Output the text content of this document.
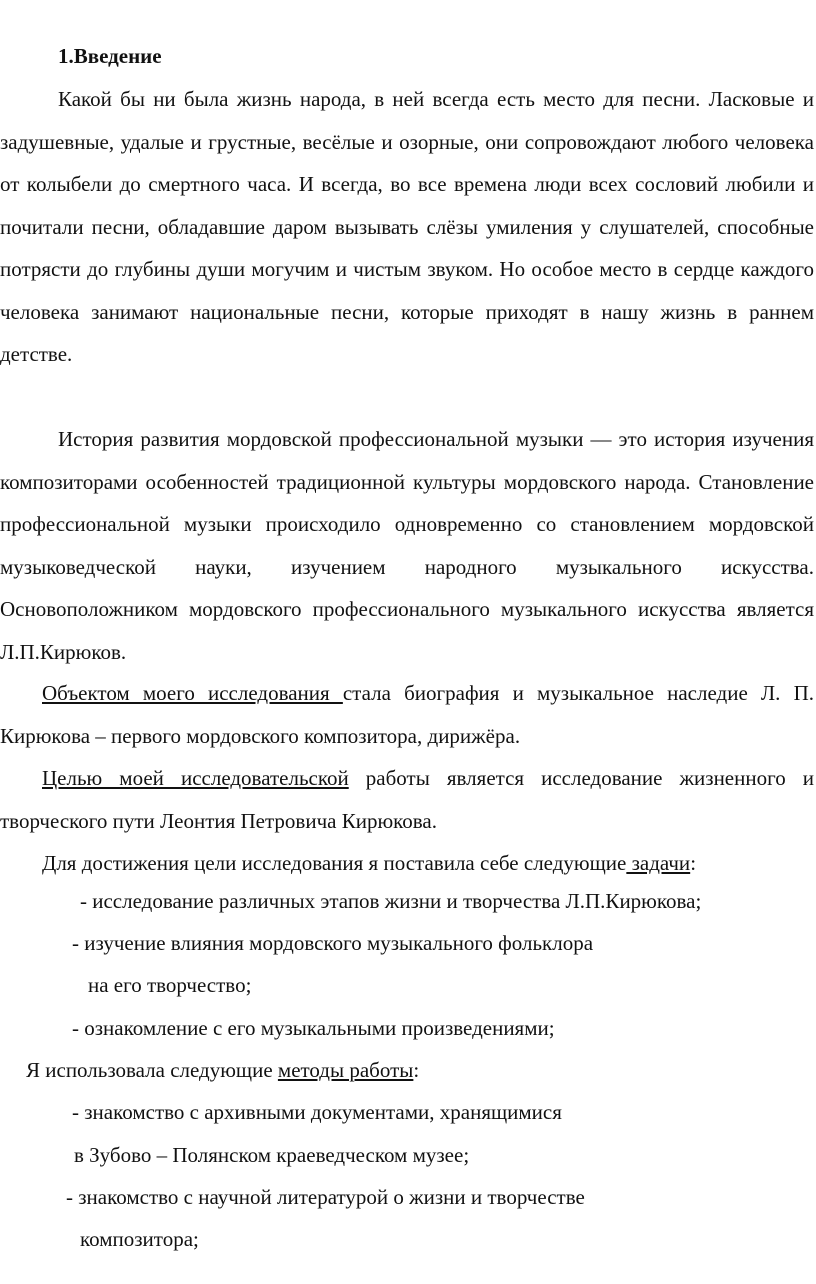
1.Введение

Какой бы ни была жизнь народа, в ней всегда есть место для песни. Ласковые и задушевные, удалые и грустные, весёлые и озорные, они сопровождают любого человека от колыбели до смертного часа. И всегда, во все времена люди всех сословий любили и почитали песни, обладавшие даром вызывать слёзы умиления у слушателей, способные потрясти до глубины души могучим и чистым звуком. Но особое место в сердце каждого человека занимают национальные песни, которые приходят в нашу жизнь в раннем детстве.

История развития мордовской профессиональной музыки — это история изучения композиторами особенностей традиционной культуры мордовского народа. Становление профессиональной музыки происходило одновременно со становлением мордовской музыковедческой науки, изучением народного музыкального искусства. Основоположником мордовского профессионального музыкального искусства является Л.П.Кирюков.

Объектом моего исследования стала биография и музыкальное наследие Л. П. Кирюкова – первого мордовского композитора, дирижёра.

Целью моей исследовательской работы является исследование жизненного и творческого пути Леонтия Петровича Кирюкова.

Для достижения цели исследования я поставила себе следующие задачи:

- исследование различных этапов жизни и творчества Л.П.Кирюкова;

- изучение влияния мордовского музыкального фольклора

на его творчество;

- ознакомление с его музыкальными произведениями;

Я использовала следующие методы работы:

- знакомство с архивными документами, хранящимися

в Зубово – Полянском краеведческом музее;

- знакомство с научной литературой о жизни и творчестве

композитора;
